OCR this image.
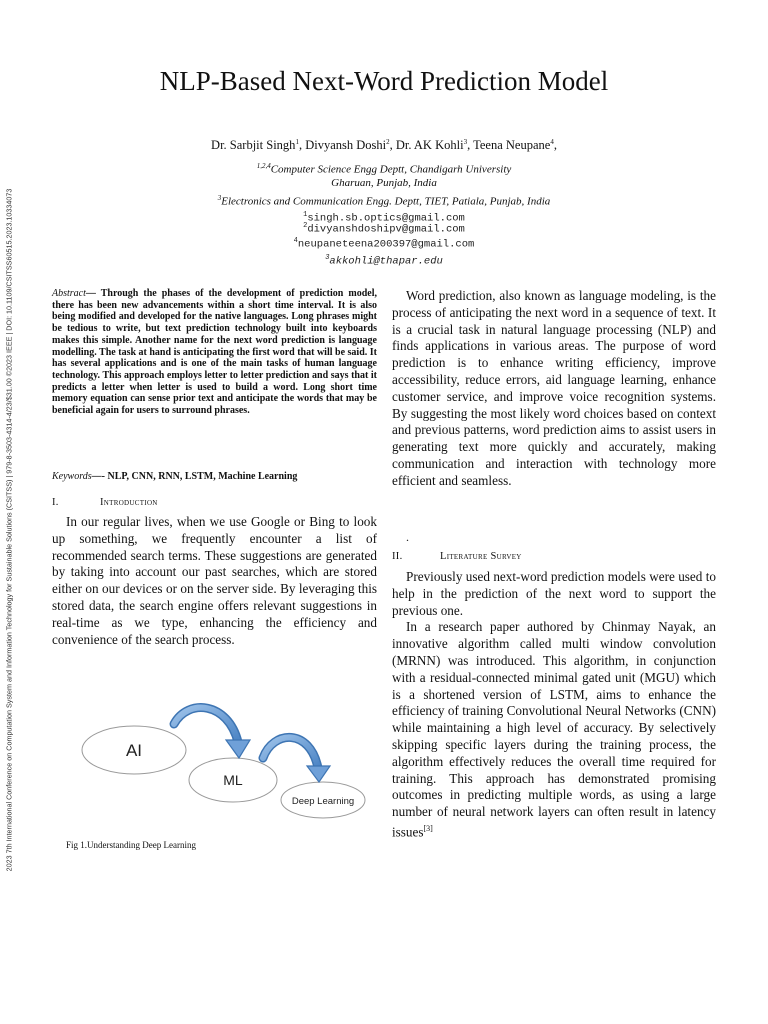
2023 7th International Conference on Computation System and Information Technology for Sustainable Solutions (CSITSS) | 979-8-3503-4314-4/23/$31.00 ©2023 IEEE | DOI: 10.1109/CSITSS60515.2023.10334073
NLP-Based Next-Word Prediction Model
Dr. Sarbjit Singh$^1$, Divyansh Doshi$^2$, Dr. AK Kohli$^3$, Teena Neupane$^4$,
$^{1,2,4}$Computer Science Engg Deptt, Chandigarh University
Gharuan, Punjab, India
$^3$Electronics and Communication Engg. Deptt, TIET, Patiala, Punjab, India
$^1$singh.sb.optics@gmail.com
$^2$divyanshdoshipv@gmail.com
$^4$neupaneteena200397@gmail.com
$^3$akkohli@thapar.edu
Abstract— Through the phases of the development of prediction model, there has been new advancements within a short time interval. It is also being modified and developed for the native languages. Long phrases might be tedious to write, but text prediction technology built into keyboards makes this simple. Another name for the next word prediction is language modelling. The task at hand is anticipating the first word that will be said. It has several applications and is one of the main tasks of human language technology. This approach employs letter to letter prediction and says that it predicts a letter when letter is used to build a word. Long short time memory equation can sense prior text and anticipate the words that may be beneficial again for users to surround phrases.
Keywords—- NLP, CNN, RNN, LSTM, Machine Learning
I.	Introduction

In our regular lives, when we use Google or Bing to look up something, we frequently encounter a list of recommended search terms. These suggestions are generated by taking into account our past searches, which are stored either on our devices or on the server side. By leveraging this stored data, the search engine offers relevant suggestions in real-time as we type, enhancing the efficiency and convenience of the search process.

AI
ML
Deep Learning
Fig 1.Understanding Deep Learning

Word prediction, also known as language modeling, is the process of anticipating the next word in a sequence of text. It is a crucial task in natural language processing (NLP) and finds applications in various areas. The purpose of word prediction is to enhance writing efficiency, improve accessibility, reduce errors, aid language learning, enhance customer service, and improve voice recognition systems. By suggesting the most likely word choices based on context and previous patterns, word prediction aims to assist users in generating text more quickly and accurately, making communication and interaction with technology more efficient and seamless.

.
II.	Literature Survey

Previously used next-word prediction models were used to help in the prediction of the next word to support the previous one.

In a research paper authored by Chinmay Nayak, an innovative algorithm called multi window convolution (MRNN) was introduced. This algorithm, in conjunction with a residual-connected minimal gated unit (MGU) which is a shortened version of LSTM, aims to enhance the efficiency of training Convolutional Neural Networks (CNN) while maintaining a high level of accuracy. By selectively skipping specific layers during the training process, the algorithm effectively reduces the overall time required for training. This approach has demonstrated promising outcomes in predicting multiple words, as using a large number of neural network layers can often result in latency issues[3]
